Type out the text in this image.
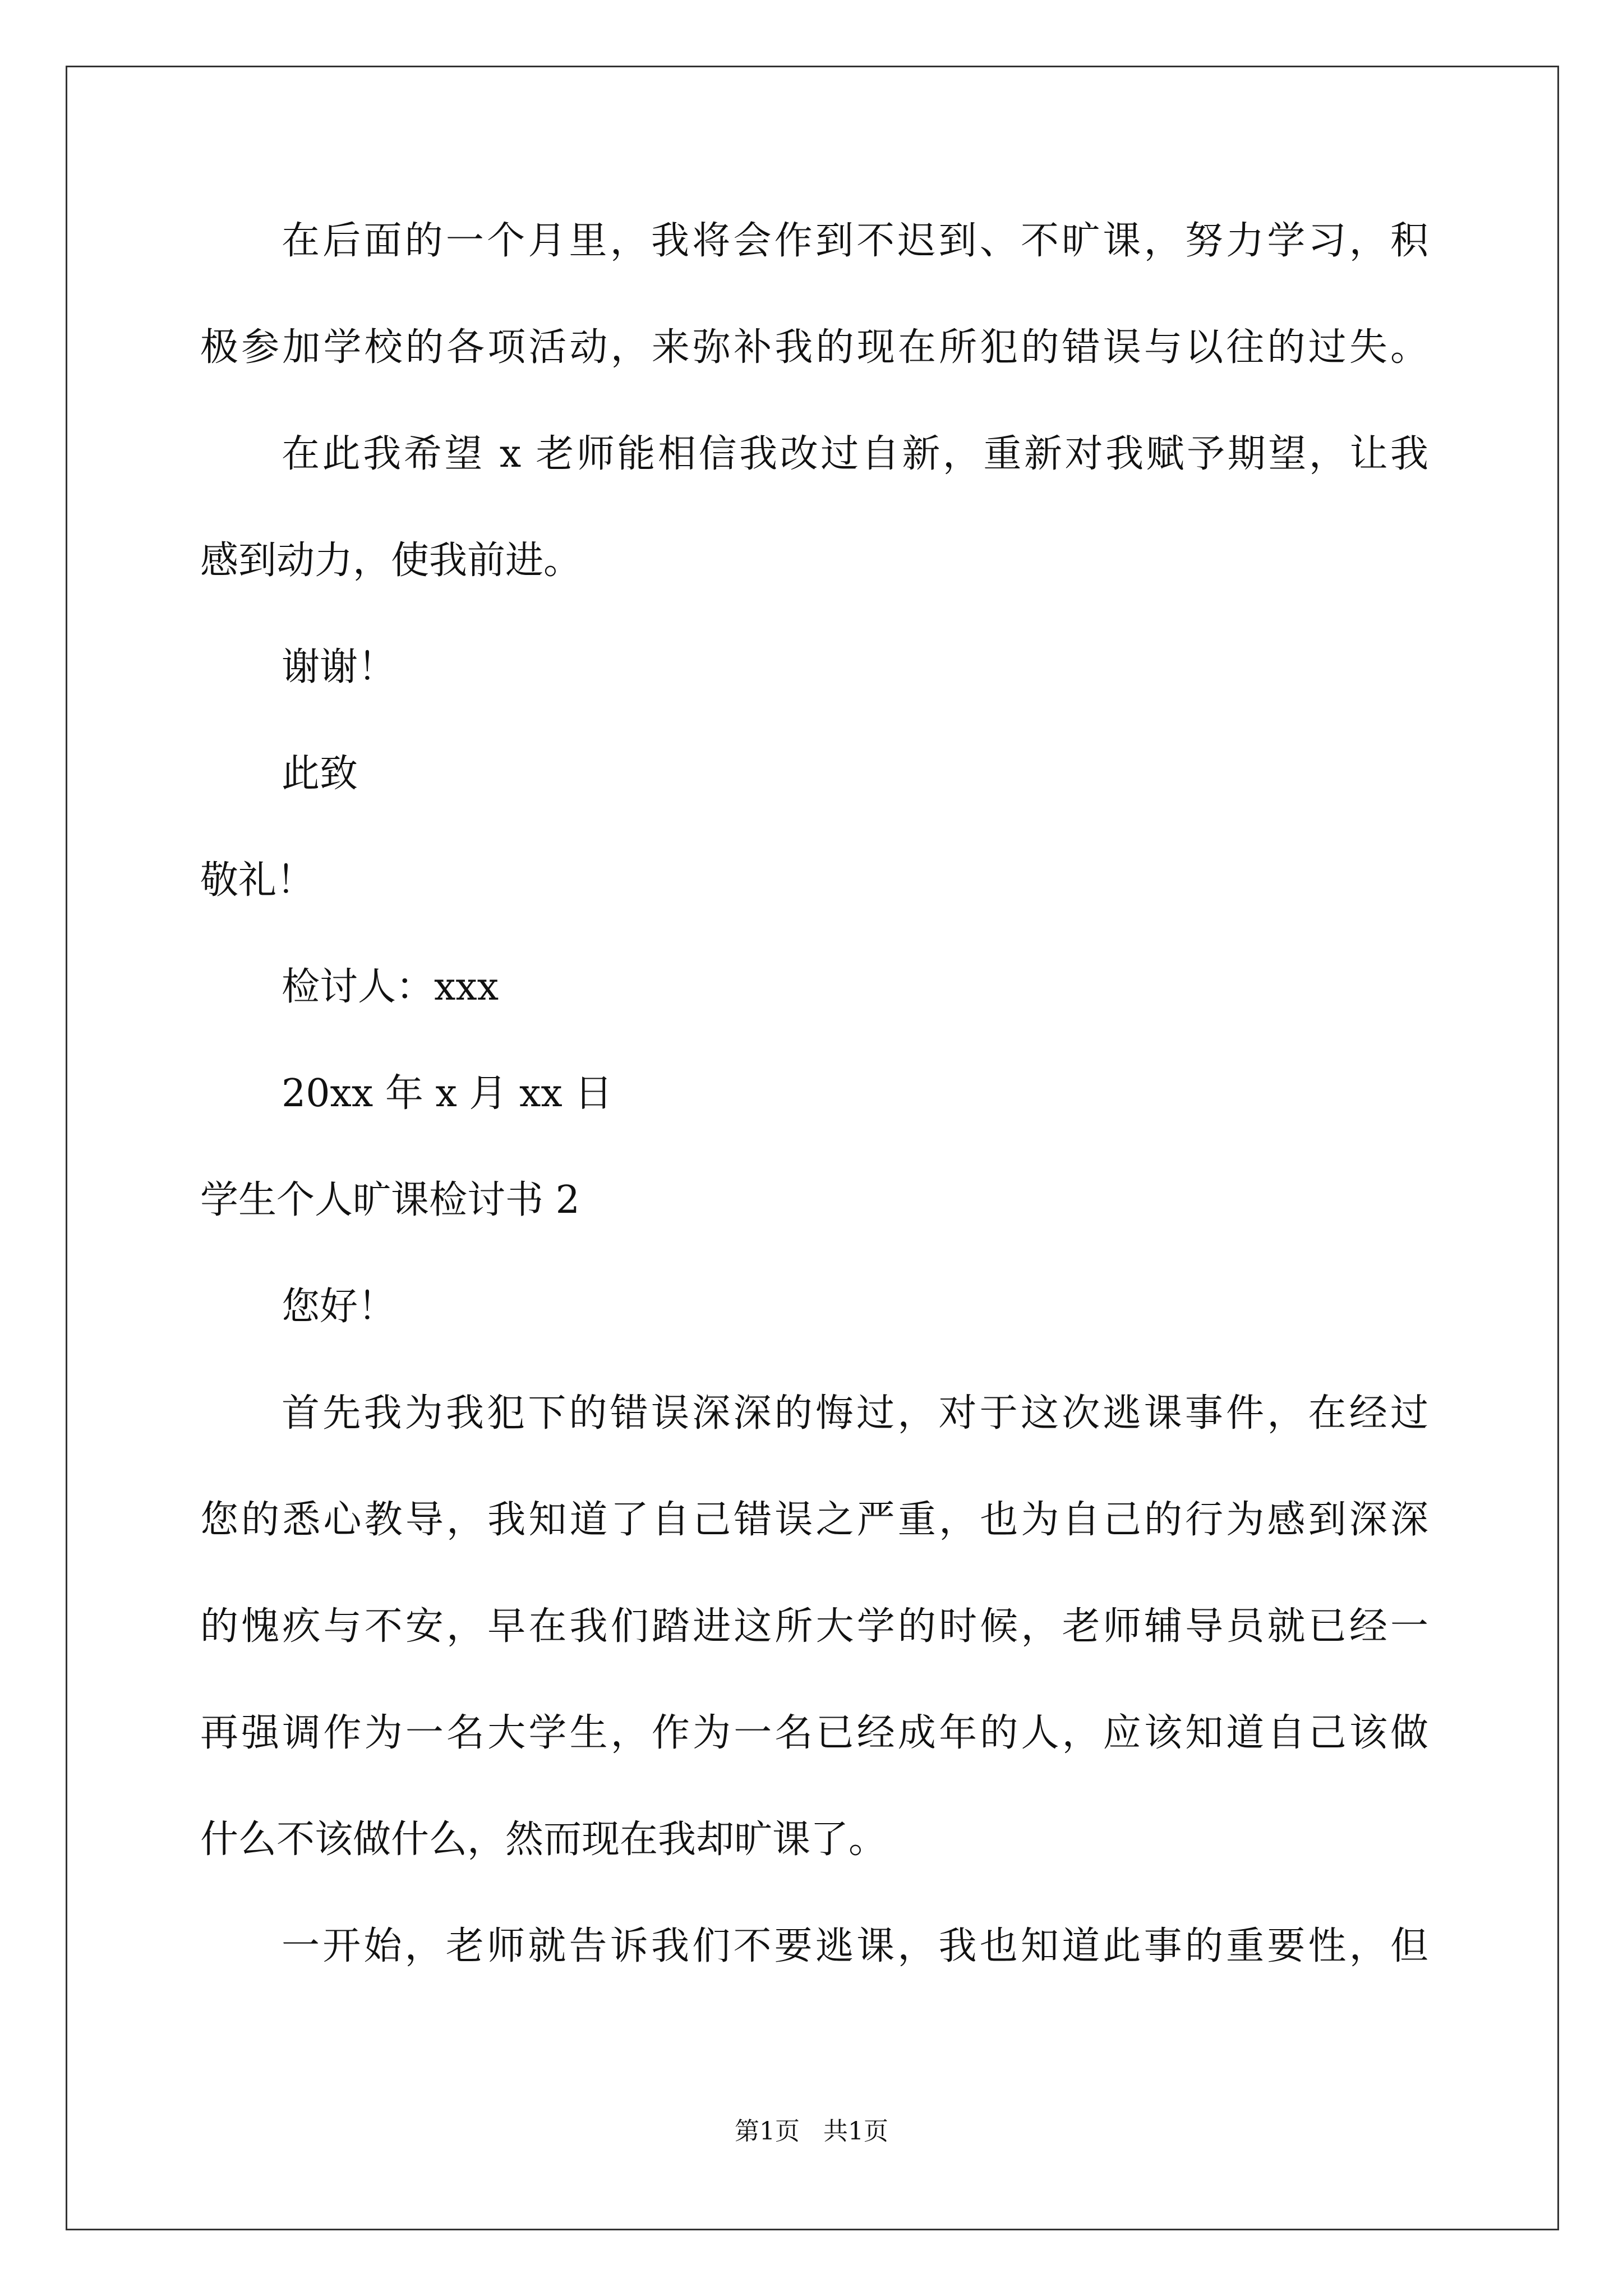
在后面的一个月里，我将会作到不迟到、不旷课，努力学习，积
极参加学校的各项活动，来弥补我的现在所犯的错误与以往的过失。
在此我希望 x 老师能相信我改过自新，重新对我赋予期望，让我
感到动力，使我前进。
谢谢！
此致
敬礼！
检讨人：xxx
20xx 年 x 月 xx 日
学生个人旷课检讨书 2
您好！
首先我为我犯下的错误深深的悔过，对于这次逃课事件，在经过
您的悉心教导，我知道了自己错误之严重，也为自己的行为感到深深
的愧疚与不安，早在我们踏进这所大学的时候，老师辅导员就已经一
再强调作为一名大学生，作为一名已经成年的人，应该知道自己该做
什么不该做什么，然而现在我却旷课了。
一开始，老师就告诉我们不要逃课，我也知道此事的重要性，但
第1页   共1页
